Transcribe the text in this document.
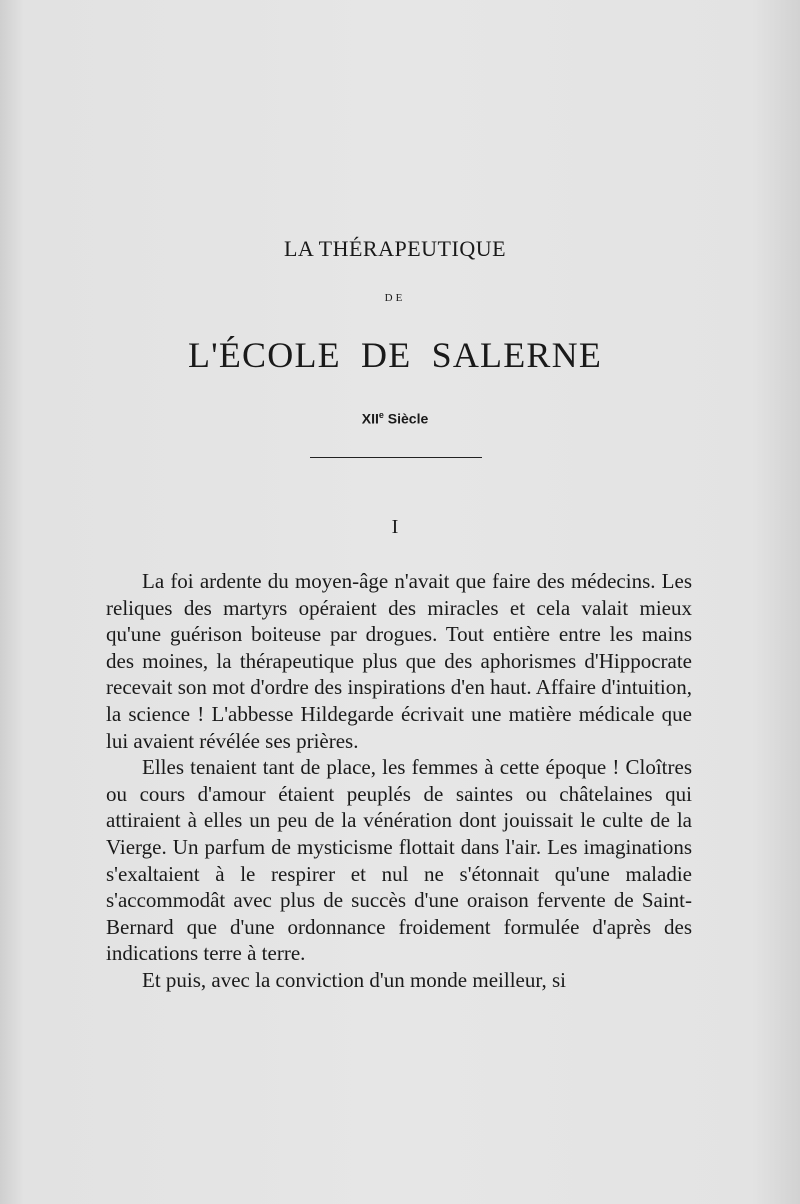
LA THÉRAPEUTIQUE
DE
L'ÉCOLE DE SALERNE
XIIe Siècle
I

La foi ardente du moyen-âge n'avait que faire des médecins. Les reliques des martyrs opéraient des miracles et cela valait mieux qu'une guérison boiteuse par drogues. Tout entière entre les mains des moines, la thérapeutique plus que des aphorismes d'Hippocrate recevait son mot d'ordre des inspirations d'en haut. Affaire d'intuition, la science ! L'abbesse Hildegarde écrivait une matière médicale que lui avaient révélée ses prières.

Elles tenaient tant de place, les femmes à cette époque ! Cloîtres ou cours d'amour étaient peuplés de saintes ou châtelaines qui attiraient à elles un peu de la vénération dont jouissait le culte de la Vierge. Un parfum de mysticisme flottait dans l'air. Les imaginations s'exaltaient à le respirer et nul ne s'étonnait qu'une maladie s'accommodât avec plus de succès d'une oraison fervente de Saint-Bernard que d'une ordonnance froidement formulée d'après des indications terre à terre.

Et puis, avec la conviction d'un monde meilleur, si
